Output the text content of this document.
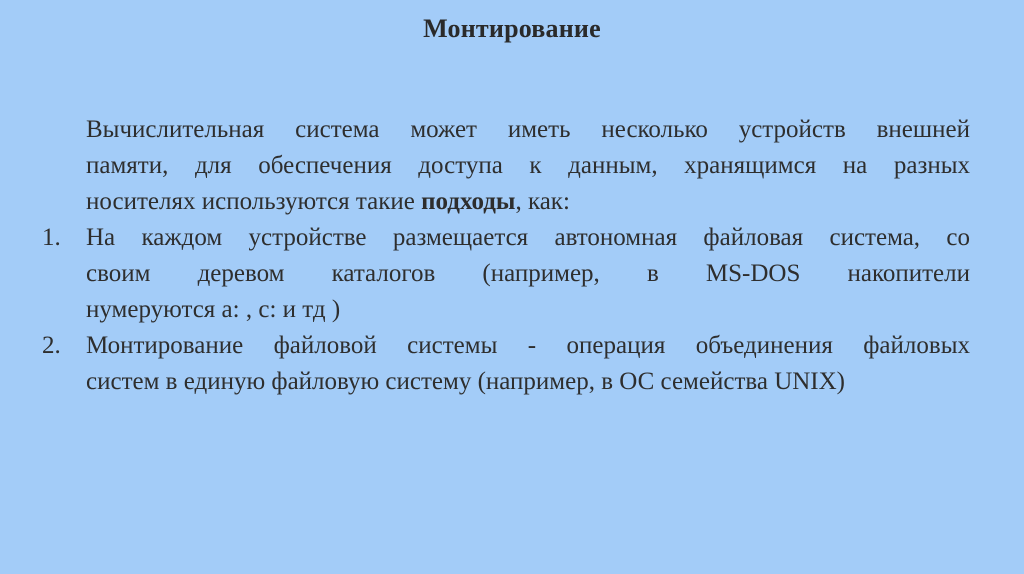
Монтирование
Вычислительная система может иметь несколько устройств внешней
памяти, для обеспечения доступа к данным, хранящимся на разных
носителях используются такие подходы, как:
1.	На каждом устройстве размещается автономная файловая система, со
своим деревом каталогов (например, в MS-DOS накопители
нумеруются a: , c: и тд )
2.	Монтирование файловой системы - операция объединения файловых
систем в единую файловую систему (например, в ОС семейства UNIX)
